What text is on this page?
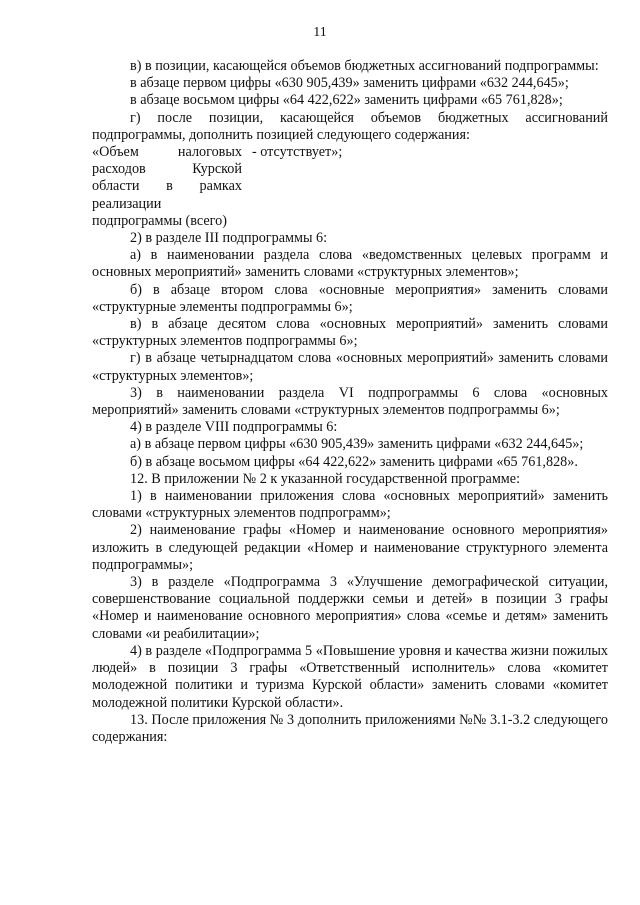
11

в) в позиции, касающейся объемов бюджетных ассигнований подпрограммы:

в абзаце первом цифры «630 905,439» заменить цифрами «632 244,645»;

в абзаце восьмом цифры «64 422,622» заменить цифрами «65 761,828»;

г) после позиции, касающейся объемов бюджетных ассигнований подпрограммы, дополнить позицией следующего содержания:

«Объем налоговых
расходов Курской
области в рамках
реализации
подпрограммы (всего)
- отсутствует»;

2) в разделе III подпрограммы 6:

а) в наименовании раздела слова «ведомственных целевых программ и основных мероприятий» заменить словами «структурных элементов»;

б) в абзаце втором слова «основные мероприятия» заменить словами «структурные элементы подпрограммы 6»;

в) в абзаце десятом слова «основных мероприятий» заменить словами «структурных элементов подпрограммы 6»;

г) в абзаце четырнадцатом слова «основных мероприятий» заменить словами «структурных элементов»;

3) в наименовании раздела VI подпрограммы 6 слова «основных мероприятий» заменить словами «структурных элементов подпрограммы 6»;

4) в разделе VIII подпрограммы 6:

а) в абзаце первом цифры «630 905,439» заменить цифрами «632 244,645»;

б) в абзаце восьмом цифры «64 422,622» заменить цифрами «65 761,828».

12. В приложении № 2 к указанной государственной программе:

1) в наименовании приложения слова «основных мероприятий» заменить словами «структурных элементов подпрограмм»;

2) наименование графы «Номер и наименование основного мероприятия» изложить в следующей редакции «Номер и наименование структурного элемента подпрограммы»;

3) в разделе «Подпрограмма 3 «Улучшение демографической ситуации, совершенствование социальной поддержки семьи и детей» в позиции 3 графы «Номер и наименование основного мероприятия» слова «семье и детям» заменить словами «и реабилитации»;

4) в разделе «Подпрограмма 5 «Повышение уровня и качества жизни пожилых людей» в позиции 3 графы «Ответственный исполнитель» слова «комитет молодежной политики и туризма Курской области» заменить словами «комитет молодежной политики Курской области».

13. После приложения № 3 дополнить приложениями №№ 3.1-3.2 следующего содержания:
